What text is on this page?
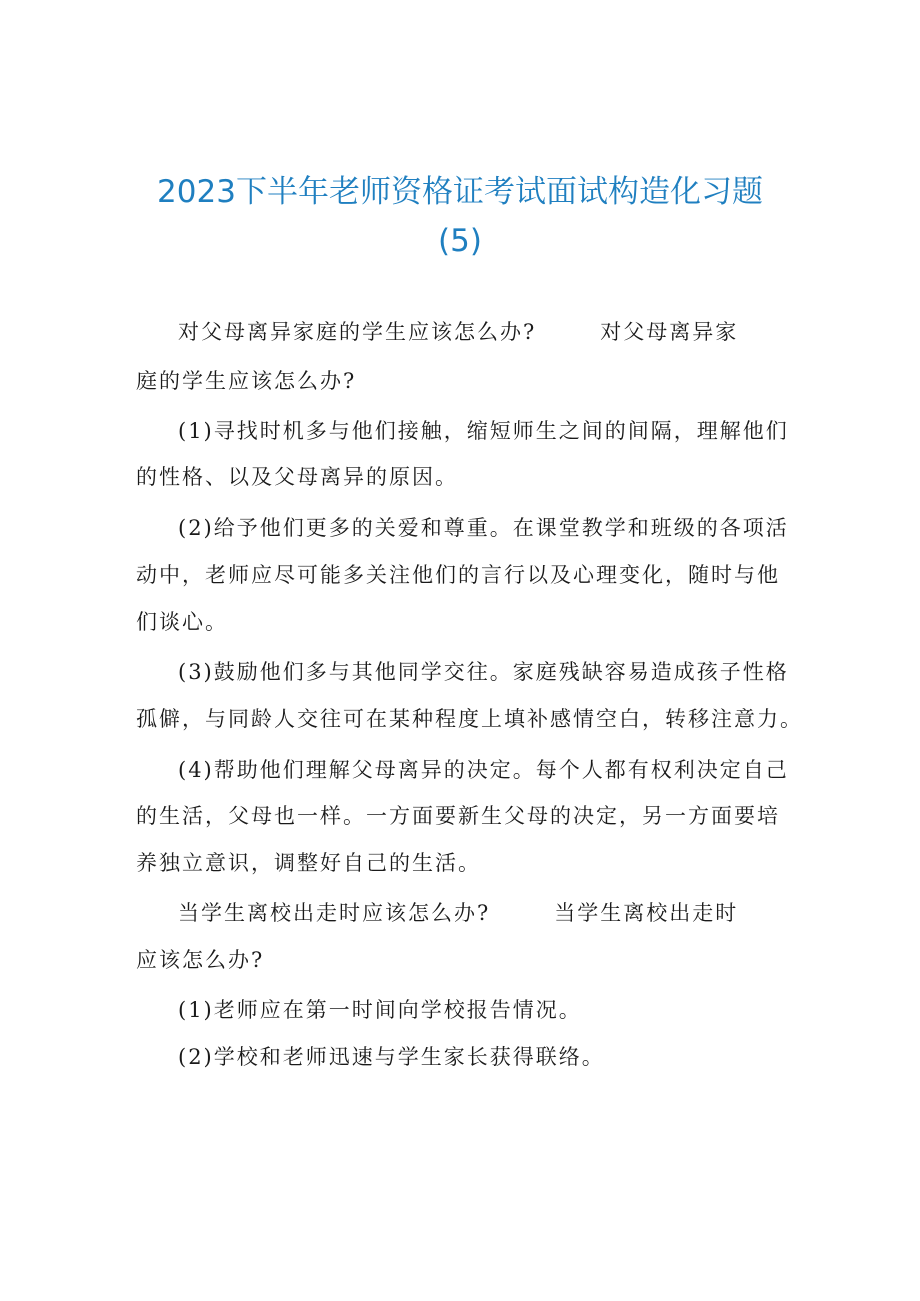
2023下半年老师资格证考试面试构造化习题
(5)
对父母离异家庭的学生应该怎么办?	对父母离异家
庭的学生应该怎么办?
(1)寻找时机多与他们接触，缩短师生之间的间隔，理解他们
的性格、以及父母离异的原因。
(2)给予他们更多的关爱和尊重。在课堂教学和班级的各项活
动中，老师应尽可能多关注他们的言行以及心理变化，随时与他
们谈心。
(3)鼓励他们多与其他同学交往。家庭残缺容易造成孩子性格
孤僻，与同龄人交往可在某种程度上填补感情空白，转移注意力。
(4)帮助他们理解父母离异的决定。每个人都有权利决定自己
的生活，父母也一样。一方面要新生父母的决定，另一方面要培
养独立意识，调整好自己的生活。
当学生离校出走时应该怎么办?	当学生离校出走时
应该怎么办?
(1)老师应在第一时间向学校报告情况。
(2)学校和老师迅速与学生家长获得联络。
